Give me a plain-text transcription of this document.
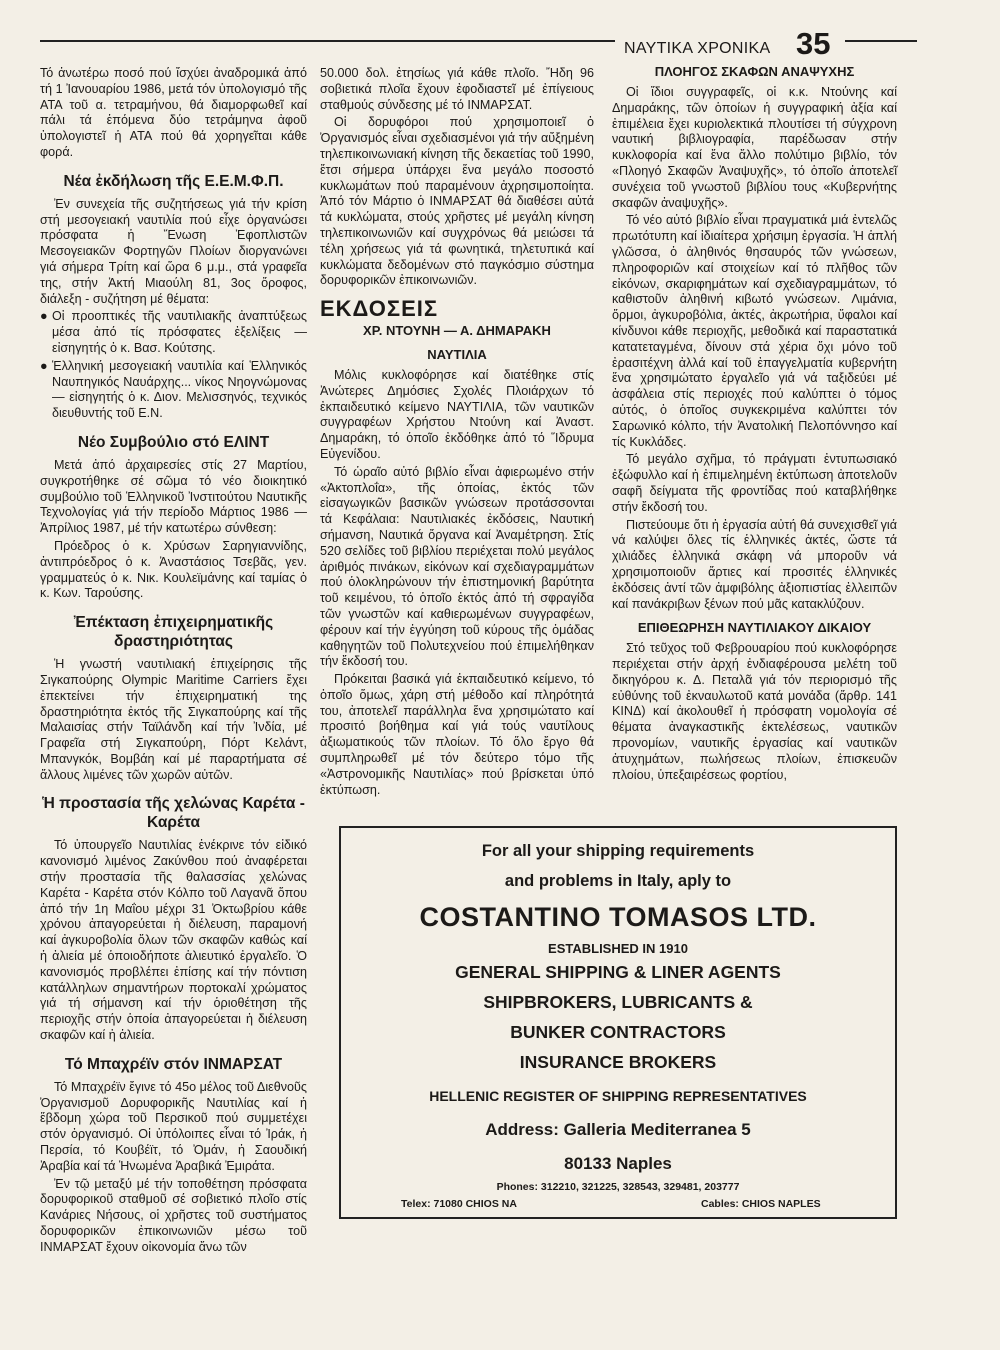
ΝΑΥΤΙΚΑ ΧΡΟΝΙΚΑ 35

Τό ἀνωτέρω ποσό πού ἴσχύει ἀναδρομικά ἀπό τή 1 Ἰανουαρίου 1986, μετά τόν ὑπολογισμό τῆς ΑΤΑ τοῦ α. τετραμήνου, θά διαμορφωθεῖ καί πάλι τά ἑπόμενα δύο τετράμηνα ἀφοῦ ὑπολογιστεῖ ἡ ΑΤΑ πού θά χορηγεῖται κάθε φορά.

Νέα ἐκδήλωση τῆς Ε.Ε.Μ.Φ.Π.

Ἐν συνεχεία τῆς συζητήσεως γιά τήν κρίση στή μεσογειακή ναυτιλία πού εἶχε ὀργανώσει πρόσφατα ἡ Ἕνωση Ἐφοπλιστῶν Μεσογειακῶν Φορτηγῶν Πλοίων διοργανώνει γιά σήμερα Τρίτη καί ὥρα 6 μ.μ., στά γραφεῖα της, στήν Ἀκτή Μιαούλη 81, 3ος ὄροφος, διάλεξη - συζήτηση μέ θέματα:

● Οἱ προοπτικές τῆς ναυτιλιακῆς ἀναπτύξεως μέσα ἀπό τίς πρόσφατες ἐξελίξεις — εἰσηγητής ὁ κ. Βασ. Κούτσης.

● Ἑλληνική μεσογειακή ναυτιλία καί Ἑλληνικός Ναυπηγικός Ναυάρχης... νίκος Νηογνώμονας — εἰσηγητής ὁ κ. Διον. Μελισσηνός, τεχνικός διευθυντής τοῦ Ε.Ν.

Νέο Συμβούλιο στό ΕΛΙΝΤ

Μετά ἀπό ἀρχαιρεσίες στίς 27 Μαρτίου, συγκροτήθηκε σέ σῶμα τό νέο διοικητικό συμβούλιο τοῦ Ἑλληνικοῦ Ἰνστιτούτου Ναυτικῆς Τεχνολογίας γιά τήν περίοδο Μάρτιος 1986 — Ἀπρίλιος 1987, μέ τήν κατωτέρω σύνθεση:

Πρόεδρος ὁ κ. Χρύσων Σαρηγιαννίδης, ἀντιπρόεδρος ὁ κ. Ἀναστάσιος Τσεβᾶς, γεν. γραμματεύς ὁ κ. Νικ. Κουλεϊμάνης καί ταμίας ὁ κ. Κων. Ταρούσης.

Ἐπέκταση ἐπιχειρηματικῆς δραστηριότητας

Ἡ γνωστή ναυτιλιακή ἐπιχείρησις τῆς Σιγκαπούρης Olympic Maritime Carriers ἔχει ἐπεκτείνει τήν ἐπιχειρηματική της δραστηριότητα ἐκτός τῆς Σιγκαπούρης καί τῆς Μαλαισίας στήν Ταϊλάνδη καί τήν Ἰνδία, μέ Γραφεῖα στή Σιγκαπούρη, Πόρτ Κελάντ, Μπανγκόκ, Βομβάη καί μέ παραρτήματα σέ ἄλλους λιμένες τῶν χωρῶν αὐτῶν.

Ἡ προστασία τῆς χελώνας Καρέτα - Καρέτα

Τό ὑπουργεῖο Ναυτιλίας ἐνέκρινε τόν εἰδικό κανονισμό λιμένος Ζακύνθου πού ἀναφέρεται στήν προστασία τῆς θαλασσίας χελώνας Καρέτα - Καρέτα στόν Κόλπο τοῦ Λαγανᾶ ὅπου ἀπό τήν 1η Μαΐου μέχρι 31 Ὀκτωβρίου κάθε χρόνου ἀπαγορεύεται ἡ διέλευση, παραμονή καί ἀγκυροβολία ὅλων τῶν σκαφῶν καθώς καί ἡ ἁλιεία μέ ὁποιοδήποτε ἁλιευτικό ἐργαλεῖο. Ὁ κανονισμός προβλέπει ἐπίσης καί τήν πόντιση κατάλληλων σημαντήρων πορτοκαλί χρώματος γιά τή σήμανση καί τήν ὁριοθέτηση τῆς περιοχῆς στήν ὁποία ἀπαγορεύεται ἡ διέλευση σκαφῶν καί ἡ ἁλιεία.

Τό Μπαχρέϊν στόν ΙΝΜΑΡΣΑΤ

Τό Μπαχρέϊν ἔγινε τό 45ο μέλος τοῦ Διεθνοῦς Ὀργανισμοῦ Δορυφορικῆς Ναυτιλίας καί ἡ ἕβδομη χώρα τοῦ Περσικοῦ πού συμμετέχει στόν ὀργανισμό. Οἱ ὑπόλοιπες εἶναι τό Ἰράκ, ἡ Περσία, τό Κουβέϊτ, τό Ὀμάν, ἡ Σαουδική Ἀραβία καί τά Ἡνωμένα Ἀραβικά Ἐμιράτα.

Ἐν τῷ μεταξύ μέ τήν τοποθέτηση πρόσφατα δορυφορικοῦ σταθμοῦ σέ σοβιετικό πλοῖο στίς Κανάριες Νήσους, οἱ χρῆστες τοῦ συστήματος δορυφορικῶν ἐπικοινωνιῶν μέσω τοῦ ΙΝΜΑΡΣΑΤ ἔχουν οἰκονομία ἄνω τῶν

50.000 δολ. ἐτησίως γιά κάθε πλοῖο. Ἤδη 96 σοβιετικά πλοῖα ἔχουν ἐφοδιαστεῖ μέ ἐπίγειους σταθμούς σύνδεσης μέ τό ΙΝΜΑΡΣΑΤ.

Οἱ δορυφόροι πού χρησιμοποιεῖ ὁ Ὀργανισμός εἶναι σχεδιασμένοι γιά τήν αὔξημένη τηλεπικοινωνιακή κίνηση τῆς δεκαετίας τοῦ 1990, ἔτσι σήμερα ὑπάρχει ἕνα μεγάλο ποσοστό κυκλωμάτων πού παραμένουν ἀχρησιμοποίητα. Ἀπό τόν Μάρτιο ὁ ΙΝΜΑΡΣΑΤ θά διαθέσει αὐτά τά κυκλώματα, στούς χρῆστες μέ μεγάλη κίνηση τηλεπικοινωνιῶν καί συγχρόνως θά μειώσει τά τέλη χρήσεως γιά τά φωνητικά, τηλετυπικά καί κυκλώματα δεδομένων στό παγκόσμιο σύστημα δορυφορικῶν ἐπικοινωνιῶν.

ΕΚΔΟΣΕΙΣ
ΧΡ. ΝΤΟΥΝΗ — Α. ΔΗΜΑΡΑΚΗ
ΝΑΥΤΙΛΙΑ

Μόλις κυκλοφόρησε καί διατέθηκε στίς Ἀνώτερες Δημόσιες Σχολές Πλοιάρχων τό ἐκπαιδευτικό κείμενο ΝΑΥΤΙΛΙΑ, τῶν ναυτικῶν συγγραφέων Χρήστου Ντούνη καί Ἀναστ. Δημαράκη, τό ὁποῖο ἐκδόθηκε ἀπό τό Ἵδρυμα Εὐγενίδου.

Τό ὡραῖο αὐτό βιβλίο εἶναι ἀφιερωμένο στήν «Ἀκτοπλοΐα», τῆς ὁποίας, ἐκτός τῶν εἰσαγωγικῶν βασικῶν γνώσεων προτάσσονται τά Κεφάλαια: Ναυτιλιακές ἐκδόσεις, Ναυτική σήμανση, Ναυτικά ὄργανα καί Ἀναμέτρηση. Στίς 520 σελίδες τοῦ βιβλίου περιέχεται πολύ μεγάλος ἀριθμός πινάκων, εἰκόνων καί σχεδιαγραμμάτων πού ὁλοκληρώνουν τήν ἐπιστημονική βαρύτητα τοῦ κειμένου, τό ὁποῖο ἐκτός ἀπό τή σφραγίδα τῶν γνωστῶν καί καθιερωμένων συγγραφέων, φέρουν καί τήν ἐγγύηση τοῦ κύρους τῆς ὁμάδας καθηγητῶν τοῦ Πολυτεχνείου πού ἐπιμελήθηκαν τήν ἔκδοσή του.

Πρόκειται βασικά γιά ἐκπαιδευτικό κείμενο, τό ὁποῖο ὅμως, χάρη στή μέθοδο καί πληρότητά του, ἀποτελεῖ παράλληλα ἕνα χρησιμώτατο καί προσιτό βοήθημα καί γιά τούς ναυτίλους ἀξιωματικούς τῶν πλοίων. Τό ὅλο ἔργο θά συμπληρωθεῖ μέ τόν δεύτερο τόμο τῆς «Ἀστρονομικῆς Ναυτιλίας» πού βρίσκεται ὑπό ἐκτύπωση.

ΠΛΟΗΓΟΣ ΣΚΑΦΩΝ ΑΝΑΨΥΧΗΣ

Οἱ ἴδιοι συγγραφεῖς, οἱ κ.κ. Ντούνης καί Δημαράκης, τῶν ὁποίων ἡ συγγραφική ἀξία καί ἐπιμέλεια ἔχει κυριολεκτικά πλουτίσει τή σύγχρονη ναυτική βιβλιογραφία, παρέδωσαν στήν κυκλοφορία καί ἕνα ἄλλο πολύτιμο βιβλίο, τόν «Πλοηγό Σκαφῶν Ἀναψυχῆς», τό ὁποῖο ἀποτελεῖ συνέχεια τοῦ γνωστοῦ βιβλίου τους «Κυβερνήτης σκαφῶν ἀναψυχῆς».

Τό νέο αὐτό βιβλίο εἶναι πραγματικά μιά ἐντελῶς πρωτότυπη καί ἰδιαίτερα χρήσιμη ἐργασία. Ἡ ἁπλή γλῶσσα, ὁ ἀληθινός θησαυρός τῶν γνώσεων, πληροφοριῶν καί στοιχείων καί τό πλῆθος τῶν εἰκόνων, σκαριφημάτων καί σχεδιαγραμμάτων, τό καθιστοῦν ἀληθινή κιβωτό γνώσεων. Λιμάνια, ὅρμοι, ἀγκυροβόλια, ἀκτές, ἀκρωτήρια, ὕφαλοι καί κίνδυνοι κάθε περιοχῆς, μεθοδικά καί παραστατικά κατατεταγμένα, δίνουν στά χέρια ὄχι μόνο τοῦ ἐρασιτέχνη ἀλλά καί τοῦ ἐπαγγελματία κυβερνήτη ἕνα χρησιμώτατο ἐργαλεῖο γιά νά ταξιδεύει μέ ἀσφάλεια στίς περιοχές πού καλύπτει ὁ τόμος αὐτός, ὁ ὁποῖος συγκεκριμένα καλύπτει τόν Σαρωνικό κόλπο, τήν Ἀνατολική Πελοπόννησο καί τίς Κυκλάδες.

Τό μεγάλο σχῆμα, τό πράγματι ἐντυπωσιακό ἐξώφυλλο καί ἡ ἐπιμελημένη ἐκτύπωση ἀποτελοῦν σαφῆ δείγματα τῆς φροντίδας πού καταβλήθηκε στήν ἔκδοσή του.

Πιστεύουμε ὅτι ἡ ἐργασία αὐτή θά συνεχισθεῖ γιά νά καλύψει ὅλες τίς ἑλληνικές ἀκτές, ὥστε τά χιλιάδες ἑλληνικά σκάφη νά μποροῦν νά χρησιμοποιοῦν ἄρτιες καί προσιτές ἑλληνικές ἐκδόσεις ἀντί τῶν ἀμφιβόλης ἀξιοπιστίας ἐλλειπῶν καί πανάκριβων ξένων πού μᾶς κατακλύζουν.

ΕΠΙΘΕΩΡΗΣΗ ΝΑΥΤΙΛΙΑΚΟΥ ΔΙΚΑΙΟΥ

Στό τεῦχος τοῦ Φεβρουαρίου πού κυκλοφόρησε περιέχεται στήν ἀρχή ἐνδιαφέρουσα μελέτη τοῦ δικηγόρου κ. Δ. Πεταλᾶ γιά τόν περιορισμό τῆς εὐθύνης τοῦ ἐκναυλωτοῦ κατά μονάδα (ἄρθρ. 141 ΚΙΝΔ) καί ἀκολουθεῖ ἡ πρόσφατη νομολογία σέ θέματα ἀναγκαστικῆς ἐκτελέσεως, ναυτικῶν προνομίων, ναυτικῆς ἐργασίας καί ναυτικῶν ἀτυχημάτων, πωλήσεως πλοίων, ἐπισκευῶν πλοίου, ὑπεξαιρέσεως φορτίου,

For all your shipping requirements
and problems in Italy, aply to
COSTANTINO TOMASOS LTD.
ESTABLISHED IN 1910
GENERAL SHIPPING & LINER AGENTS
SHIPBROKERS, LUBRICANTS &
BUNKER CONTRACTORS
INSURANCE BROKERS
HELLENIC REGISTER OF SHIPPING REPRESENTATIVES
Address: Galleria Mediterranea 5
80133 Naples
Phones: 312210, 321225, 328543, 329481, 203777
Telex: 71080 CHIOS NA	Cables: CHIOS NAPLES
